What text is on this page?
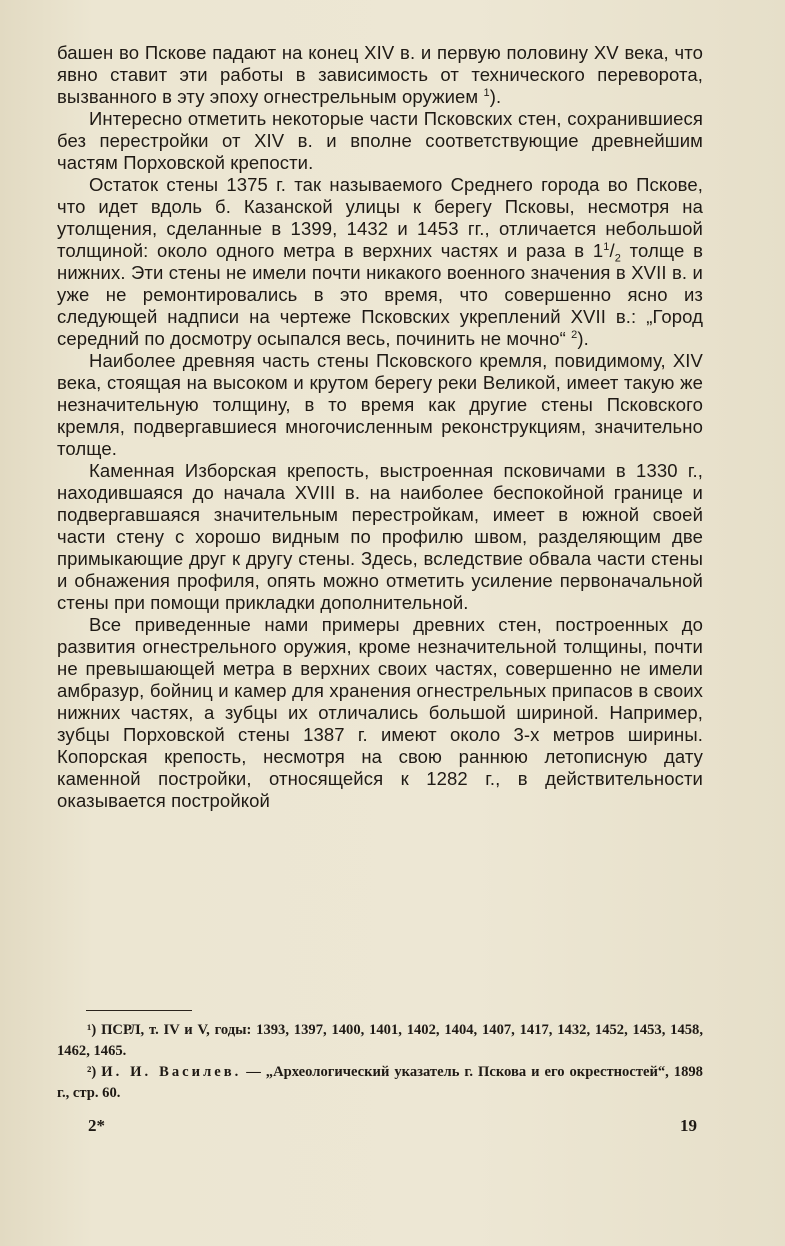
башен во Пскове падают на конец XIV в. и первую половину XV века, что явно ставит эти работы в зависимость от технического переворота, вызванного в эту эпоху огнестрельным оружием $^1$).

Интересно отметить некоторые части Псковских стен, сохранившиеся без перестройки от XIV в. и вполне соответствующие древнейшим частям Порховской крепости.

Остаток стены 1375 г. так называемого Среднего города во Пскове, что идет вдоль б. Казанской улицы к берегу Псковы, несмотря на утолщения, сделанные в 1399, 1432 и 1453 гг., отличается небольшой толщиной: около одного метра в верхних частях и раза в $1^1/_2$ толще в нижних. Эти стены не имели почти никакого военного значения в XVII в. и уже не ремонтировались в это время, что совершенно ясно из следующей надписи на чертеже Псковских укреплений XVII в.: „Город середний по досмотру осыпался весь, починить не мочно“ $^2$).

Наиболее древняя часть стены Псковского кремля, повидимому, XIV века, стоящая на высоком и крутом берегу реки Великой, имеет такую же незначительную толщину, в то время как другие стены Псковского кремля, подвергавшиеся многочисленным реконструкциям, значительно толще.

Каменная Изборская крепость, выстроенная псковичами в 1330 г., находившаяся до начала XVIII в. на наиболее беспокойной границе и подвергавшаяся значительным перестройкам, имеет в южной своей части стену с хорошо видным по профилю швом, разделяющим две примыкающие друг к другу стены. Здесь, вследствие обвала части стены и обнажения профиля, опять можно отметить усиление первоначальной стены при помощи прикладки дополнительной.

Все приведенные нами примеры древних стен, построенных до развития огнестрельного оружия, кроме незначительной толщины, почти не превышающей метра в верхних своих частях, совершенно не имели амбразур, бойниц и камер для хранения огнестрельных припасов в своих нижних частях, а зубцы их отличались большой шириной. Например, зубцы Порховской стены 1387 г. имеют около 3-х метров ширины. Копорская крепость, несмотря на свою раннюю летописную дату каменной постройки, относящейся к 1282 г., в действительности оказывается постройкой

¹) ПСРЛ, т. IV и V, годы: 1393, 1397, 1400, 1401, 1402, 1404, 1407, 1417, 1432, 1452, 1453, 1458, 1462, 1465.

²) И. И. Василев. — „Археологический указатель г. Пскова и его окрестностей“, 1898 г., стр. 60.

2*	19
